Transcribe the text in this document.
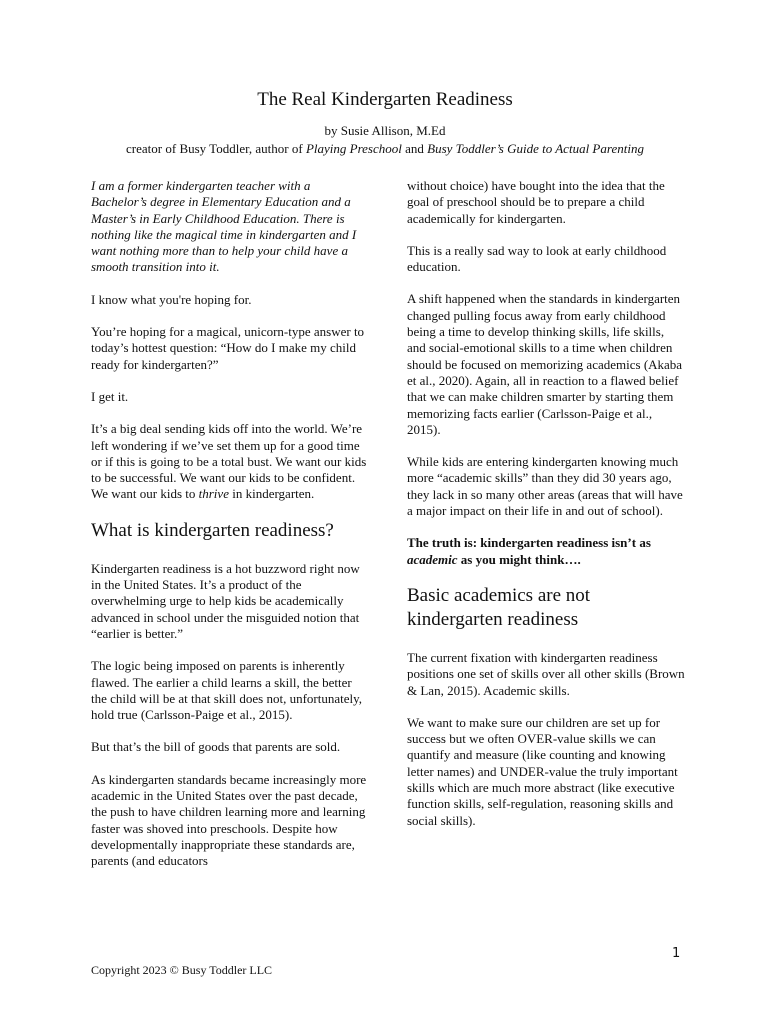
The Real Kindergarten Readiness
by Susie Allison, M.Ed
creator of Busy Toddler, author of Playing Preschool and Busy Toddler’s Guide to Actual Parenting

I am a former kindergarten teacher with a Bachelor’s degree in Elementary Education and a Master’s in Early Childhood Education. There is nothing like the magical time in kindergarten and I want nothing more than to help your child have a smooth transition into it.

I know what you're hoping for.

You’re hoping for a magical, unicorn-type answer to today’s hottest question: “How do I make my child ready for kindergarten?”

I get it.

It’s a big deal sending kids off into the world. We’re left wondering if we’ve set them up for a good time or if this is going to be a total bust. We want our kids to be successful. We want our kids to be confident. We want our kids to thrive in kindergarten.

What is kindergarten readiness?

Kindergarten readiness is a hot buzzword right now in the United States. It’s a product of the overwhelming urge to help kids be academically advanced in school under the misguided notion that “earlier is better.”

The logic being imposed on parents is inherently flawed. The earlier a child learns a skill, the better the child will be at that skill does not, unfortunately, hold true (Carlsson-Paige et al., 2015).

But that’s the bill of goods that parents are sold.

As kindergarten standards became increasingly more academic in the United States over the past decade, the push to have children learning more and learning faster was shoved into preschools. Despite how developmentally inappropriate these standards are, parents (and educators

without choice) have bought into the idea that the goal of preschool should be to prepare a child academically for kindergarten.

This is a really sad way to look at early childhood education.

A shift happened when the standards in kindergarten changed pulling focus away from early childhood being a time to develop thinking skills, life skills, and social-emotional skills to a time when children should be focused on memorizing academics (Akaba et al., 2020). Again, all in reaction to a flawed belief that we can make children smarter by starting them memorizing facts earlier (Carlsson-Paige et al., 2015).

While kids are entering kindergarten knowing much more “academic skills” than they did 30 years ago, they lack in so many other areas (areas that will have a major impact on their life in and out of school).

The truth is: kindergarten readiness isn’t as academic as you might think….

Basic academics are not kindergarten readiness

The current fixation with kindergarten readiness positions one set of skills over all other skills (Brown & Lan, 2015). Academic skills.

We want to make sure our children are set up for success but we often OVER-value skills we can quantify and measure (like counting and knowing letter names) and UNDER-value the truly important skills which are much more abstract (like executive function skills, self-regulation, reasoning skills and social skills).

1
Copyright 2023 © Busy Toddler LLC
